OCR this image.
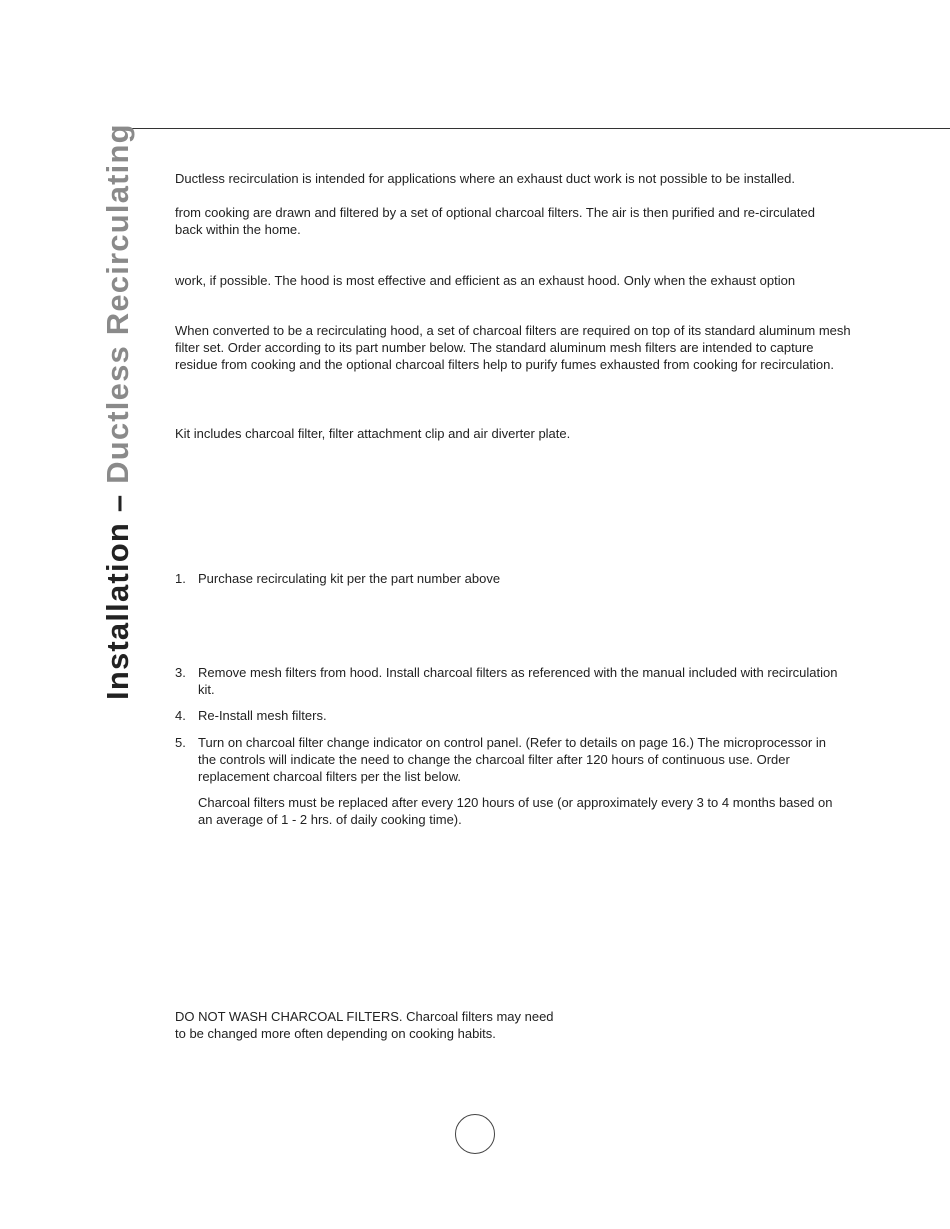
Installation – Ductless Recirculating	Ductless recirculation is intended for applications where an exhaust duct work is not possible to be installed.

from cooking are drawn and filtered by a set of optional charcoal filters. The air is then purified and re-circulated back within the home.

work, if possible. The hood is most effective and efficient as an exhaust hood. Only when the exhaust option

When converted to be a recirculating hood, a set of charcoal filters are required on top of its standard aluminum mesh filter set. Order according to its part number below. The standard aluminum mesh filters are intended to capture residue from cooking and the optional charcoal filters help to purify fumes exhausted from cooking for recirculation.

Kit includes charcoal filter, filter attachment clip and air diverter plate.

1. Purchase recirculating kit per the part number above
3. Remove mesh filters from hood. Install charcoal filters as referenced with the manual included with recirculation kit.
4. Re-Install mesh filters.
5. Turn on charcoal filter change indicator on control panel. (Refer to details on page 16.) The microprocessor in the controls will indicate the need to change the charcoal filter after 120 hours of continuous use. Order replacement charcoal filters per the list below.
Charcoal filters must be replaced after every 120 hours of use (or approximately every 3 to 4 months based on an average of 1 - 2 hrs. of daily cooking time).
DO NOT WASH CHARCOAL FILTERS. Charcoal filters may need
to be changed more often depending on cooking habits.
